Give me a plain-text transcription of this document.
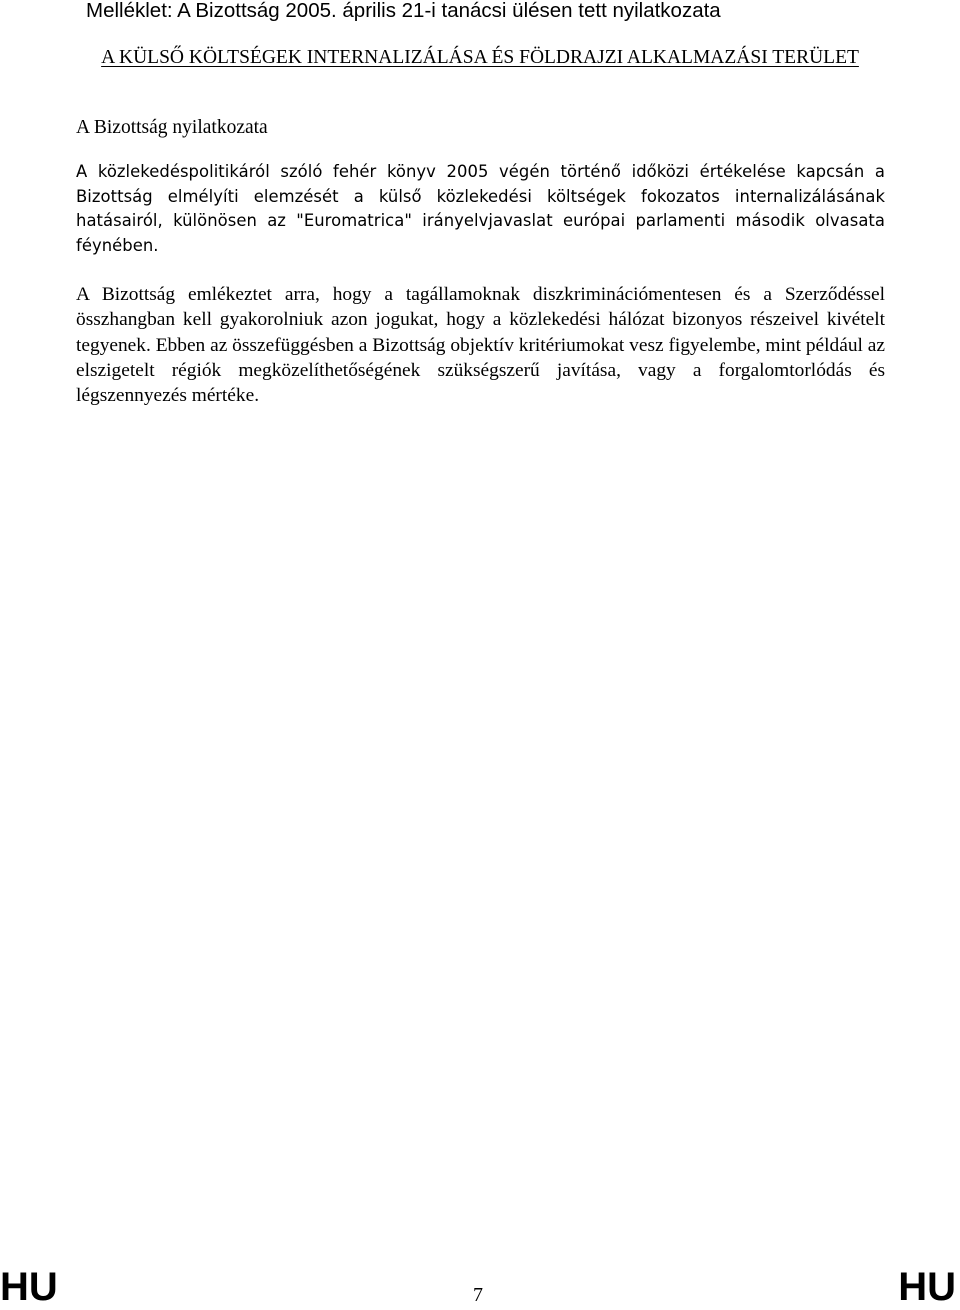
Melléklet: A Bizottság 2005. április 21-i tanácsi ülésen tett nyilatkozata
A KÜLSŐ KÖLTSÉGEK INTERNALIZÁLÁSA ÉS FÖLDRAJZI ALKALMAZÁSI TERÜLET
A Bizottság nyilatkozata

A közlekedéspolitikáról szóló fehér könyv 2005 végén történő időközi értékelése kapcsán a Bizottság elmélyíti elemzését a külső közlekedési költségek fokozatos internalizálásának hatásairól, különösen az "Euromatrica" irányelvjavaslat európai parlamenti második olvasata féynében.

A Bizottság emlékeztet arra, hogy a tagállamoknak diszkriminációmentesen és a Szerződéssel összhangban kell gyakorolniuk azon jogukat, hogy a közlekedési hálózat bizonyos részeivel kivételt tegyenek. Ebben az összefüggésben a Bizottság objektív kritériumokat vesz figyelembe, mint például az elszigetelt régiók megközelíthetőségének szükségszerű javítása, vagy a forgalomtorlódás és légszennyezés mértéke.

HU	7	HU
